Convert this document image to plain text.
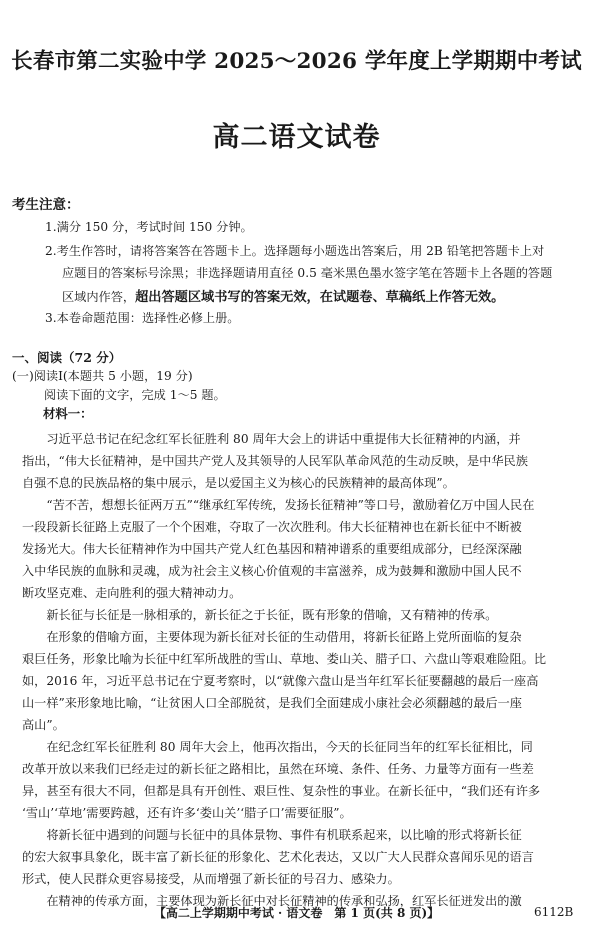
长春市第二实验中学 2025～2026 学年度上学期期中考试
高二语文试卷
考生注意：
1.满分 150 分，考试时间 150 分钟。
2.考生作答时，请将答案答在答题卡上。选择题每小题选出答案后，用 2B 铅笔把答题卡上对
应题目的答案标号涂黑；非选择题请用直径 0.5 毫米黑色墨水签字笔在答题卡上各题的答题
区域内作答，超出答题区域书写的答案无效，在试题卷、草稿纸上作答无效。
3.本卷命题范围：选择性必修上册。
一、阅读（72 分）
(一)阅读Ⅰ(本题共 5 小题，19 分)
阅读下面的文字，完成 1～5 题。
材料一：
　　习近平总书记在纪念红军长征胜利 80 周年大会上的讲话中重提伟大长征精神的内涵，并
指出，“伟大长征精神，是中国共产党人及其领导的人民军队革命风范的生动反映，是中华民族
自强不息的民族品格的集中展示，是以爱国主义为核心的民族精神的最高体现”。
　　“苦不苦，想想长征两万五”“继承红军传统，发扬长征精神”等口号，激励着亿万中国人民在
一段段新长征路上克服了一个个困难，夺取了一次次胜利。伟大长征精神也在新长征中不断被
发扬光大。伟大长征精神作为中国共产党人红色基因和精神谱系的重要组成部分，已经深深融
入中华民族的血脉和灵魂，成为社会主义核心价值观的丰富滋养，成为鼓舞和激励中国人民不
断攻坚克难、走向胜利的强大精神动力。
　　新长征与长征是一脉相承的，新长征之于长征，既有形象的借喻，又有精神的传承。
　　在形象的借喻方面，主要体现为新长征对长征的生动借用，将新长征路上党所面临的复杂
艰巨任务，形象比喻为长征中红军所战胜的雪山、草地、娄山关、腊子口、六盘山等艰难险阻。比
如，2016 年，习近平总书记在宁夏考察时，以“就像六盘山是当年红军长征要翻越的最后一座高
山一样”来形象地比喻，“让贫困人口全部脱贫，是我们全面建成小康社会必须翻越的最后一座
高山”。
　　在纪念红军长征胜利 80 周年大会上，他再次指出，今天的长征同当年的红军长征相比，同
改革开放以来我们已经走过的新长征之路相比，虽然在环境、条件、任务、力量等方面有一些差
异，甚至有很大不同，但都是具有开创性、艰巨性、复杂性的事业。在新长征中，“我们还有许多
‘雪山’‘草地’需要跨越，还有许多‘娄山关’‘腊子口’需要征服”。
　　将新长征中遇到的问题与长征中的具体景物、事件有机联系起来，以比喻的形式将新长征
的宏大叙事具象化，既丰富了新长征的形象化、艺术化表达，又以广大人民群众喜闻乐见的语言
形式，使人民群众更容易接受，从而增强了新长征的号召力、感染力。
　　在精神的传承方面，主要体现为新长征中对长征精神的传承和弘扬，红军长征迸发出的激
【高二上学期期中考试 · 语文卷　第 1 页(共 8 页)】	6112B
